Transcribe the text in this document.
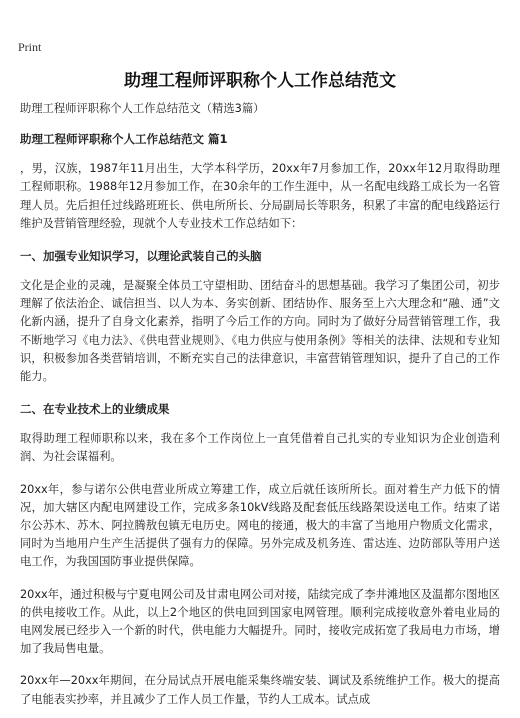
Print
助理工程师评职称个人工作总结范文

助理工程师评职称个人工作总结范文（精选3篇）

助理工程师评职称个人工作总结范文 篇1

，男，汉族，1987年11月出生，大学本科学历，20xx年7月参加工作，20xx年12月取得助理工程师职称。1988年12月参加工作，在30余年的工作生涯中，从一名配电线路工成长为一名管理人员。先后担任过线路班班长、供电所所长、分局副局长等职务，积累了丰富的配电线路运行维护及营销管理经验，现就个人专业技术工作总结如下：

一、加强专业知识学习，以理论武装自己的头脑

文化是企业的灵魂，是凝聚全体员工守望相助、团结奋斗的思想基础。我学习了集团公司，初步理解了依法治企、诚信担当、以人为本、务实创新、团结协作、服务至上六大理念和“融、通”文化新内涵，提升了自身文化素养，指明了今后工作的方向。同时为了做好分局营销管理工作，我不断地学习《电力法》、《供电营业规则》、《电力供应与使用条例》等相关的法律、法规和专业知识，积极参加各类营销培训，不断充实自己的法律意识，丰富营销管理知识，提升了自己的工作能力。

二、在专业技术上的业绩成果

取得助理工程师职称以来，我在多个工作岗位上一直凭借着自己扎实的专业知识为企业创造利润、为社会谋福利。

20xx年，参与诺尔公供电营业所成立筹建工作，成立后就任该所所长。面对着生产力低下的情况，加大辖区内配电网建设工作，完成多条10kV线路及配套低压线路架设送电工作。结束了诺尔公苏木、苏木、阿拉腾敖包镇无电历史。网电的接通，极大的丰富了当地用户物质文化需求，同时为当地用户生产生活提供了强有力的保障。另外完成及机务连、雷达连、边防部队等用户送电工作，为我国国防事业提供保障。

20xx年，通过积极与宁夏电网公司及甘肃电网公司对接，陆续完成了李井滩地区及温都尔图地区的供电接收工作。从此，以上2个地区的供电回到国家电网管理。顺利完成接收意外着电业局的电网发展已经步入一个新的时代，供电能力大幅提升。同时，接收完成拓宽了我局电力市场，增加了我局售电量。

20xx年—20xx年期间，在分局试点开展电能采集终端安装、调试及系统维护工作。极大的提高了电能表实抄率，并且减少了工作人员工作量，节约人工成本。试点成
